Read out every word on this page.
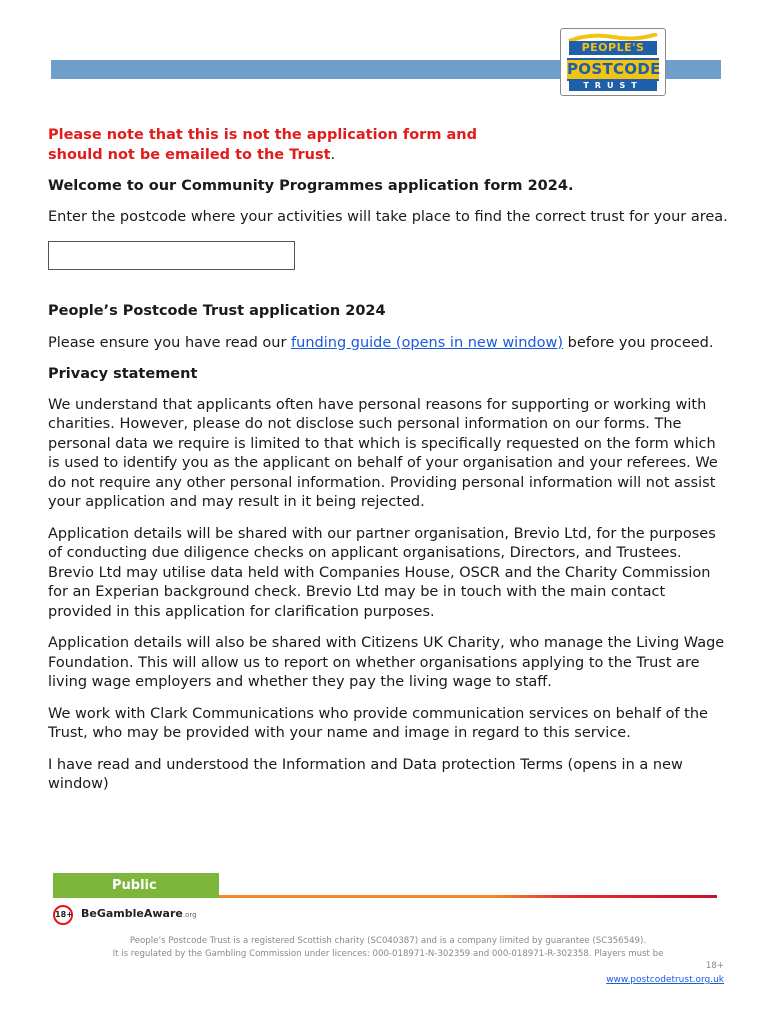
PEOPLE'S
POSTCODE
TRUST

Please note that this is not the application form and
should not be emailed to the Trust.

Welcome to our Community Programmes application form 2024.

Enter the postcode where your activities will take place to find the correct trust for your area.

People’s Postcode Trust application 2024

Please ensure you have read our funding guide (opens in new window) before you proceed.

Privacy statement

We understand that applicants often have personal reasons for supporting or working with charities. However, please do not disclose such personal information on our forms. The personal data we require is limited to that which is specifically requested on the form which is used to identify you as the applicant on behalf of your organisation and your referees. We do not require any other personal information. Providing personal information will not assist your application and may result in it being rejected.

Application details will be shared with our partner organisation, Brevio Ltd, for the purposes of conducting due diligence checks on applicant organisations, Directors, and Trustees. Brevio Ltd may utilise data held with Companies House, OSCR and the Charity Commission for an Experian background check. Brevio Ltd may be in touch with the main contact provided in this application for clarification purposes.

Application details will also be shared with Citizens UK Charity, who manage the Living Wage Foundation. This will allow us to report on whether organisations applying to the Trust are living wage employers and whether they pay the living wage to staff.

We work with Clark Communications who provide communication services on behalf of the Trust, who may be provided with your name and image in regard to this service.

I have read and understood the Information and Data protection Terms (opens in a new window)

Public
18+ BeGambleAware.org
People’s Postcode Trust is a registered Scottish charity (SC040387) and is a company limited by guarantee (SC356549).
It is regulated by the Gambling Commission under licences: 000-018971-N-302359 and 000-018971-R-302358. Players must be
18+
www.postcodetrust.org.uk
